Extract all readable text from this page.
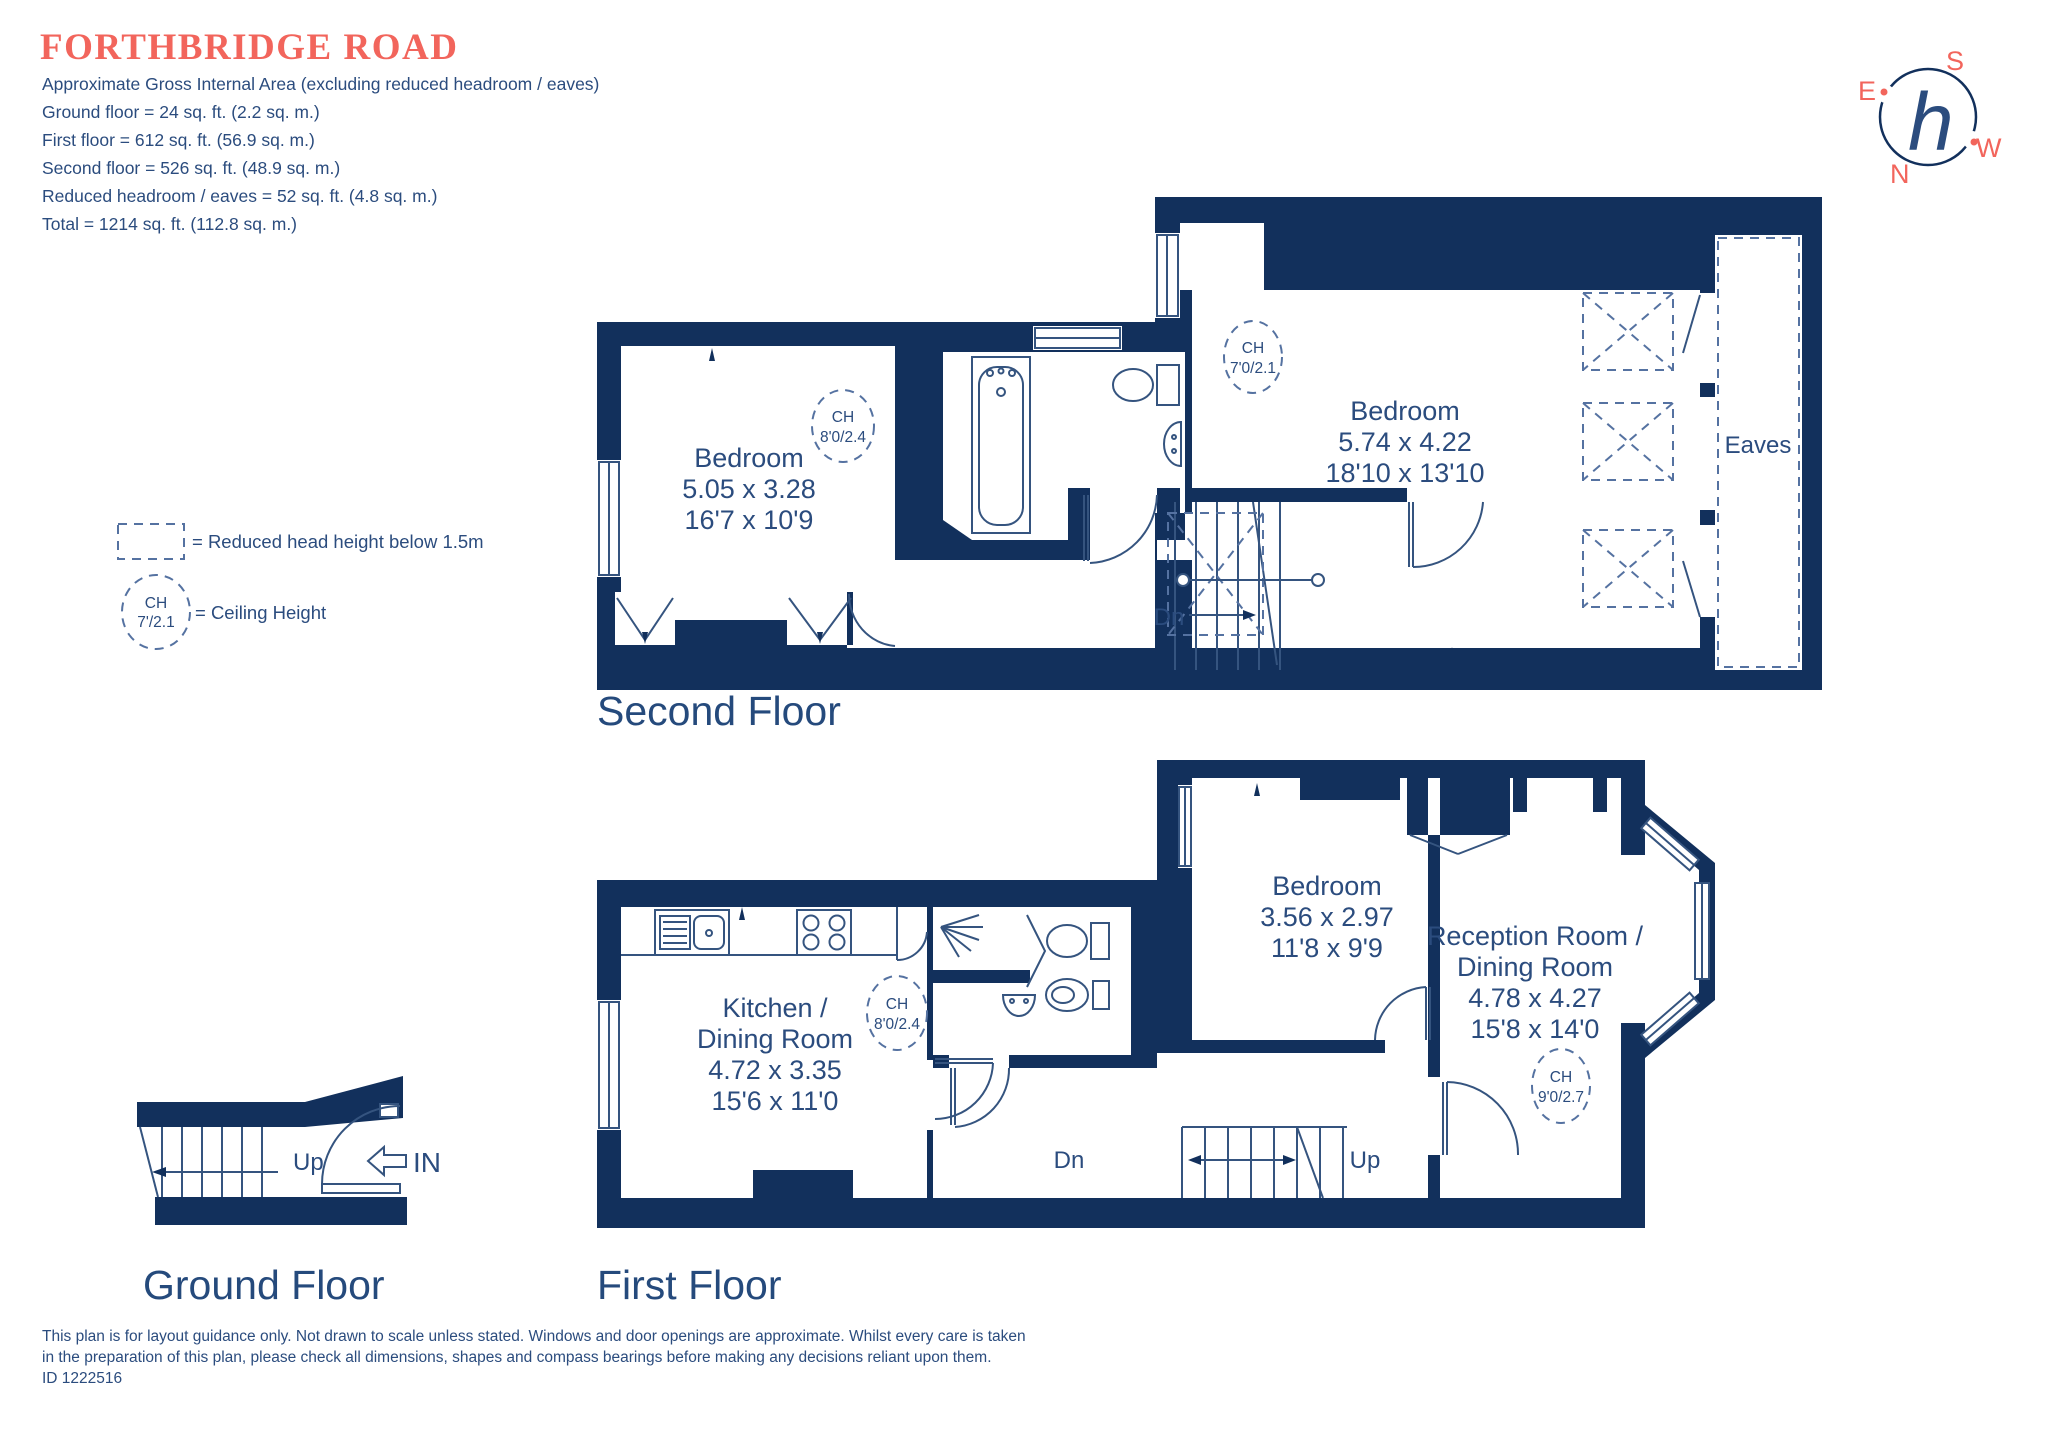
FORTHBRIDGE ROAD
Approximate Gross Internal Area (excluding reduced headroom / eaves)
Ground floor = 24 sq. ft. (2.2 sq. m.)
First floor = 612 sq. ft. (56.9 sq. m.)
Second floor = 526 sq. ft. (48.9 sq. m.)
Reduced headroom / eaves = 52 sq. ft. (4.8 sq. m.)
Total = 1214 sq. ft. (112.8 sq. m.)
h
S
E
W
N
= Reduced head height below 1.5m
CH
7'/2.1 = Ceiling Height
Eaves
CH
8'0/2.4
CH
7'0/2.1
Bedroom
5.05 x 3.28
16'7 x 10'9
Bedroom
5.74 x 4.22
18'10 x 13'10
Dn
Second Floor
CH
8'0/2.4
CH
9'0/2.7
Kitchen /
Dining Room
4.72 x 3.35
15'6 x 11'0
Bedroom
3.56 x 2.97
11'8 x 9'9 Reception Room /
Dining Room
4.78 x 4.27
15'8 x 14'0
Dn	Up
First Floor
Up	IN
Ground Floor
This plan is for layout guidance only. Not drawn to scale unless stated. Windows and door openings are approximate. Whilst every care is taken
in the preparation of this plan, please check all dimensions, shapes and compass bearings before making any decisions reliant upon them.
ID 1222516
